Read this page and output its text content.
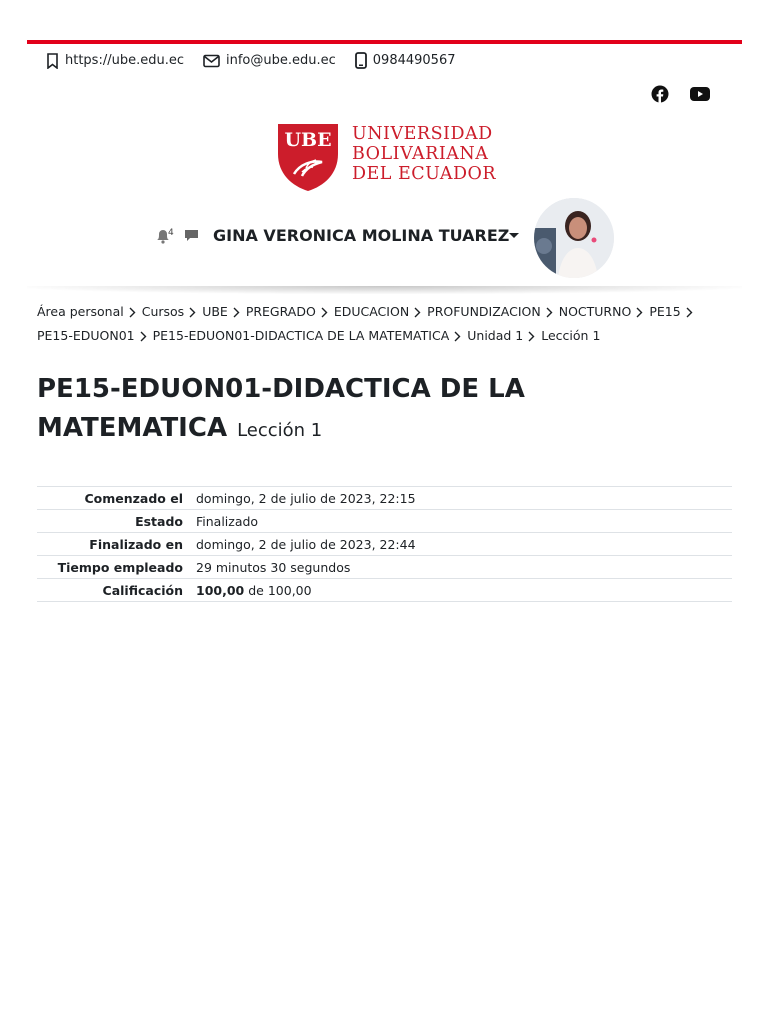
https://ube.edu.ec	info@ube.edu.ec	0984490567
UBE UNIVERSIDAD
BOLIVARIANA
DEL ECUADOR
4 GINA VERONICA MOLINA TUAREZ
Área personal Cursos UBE PREGRADO EDUCACION PROFUNDIZACION NOCTURNO PE15PE15-EDUON01 PE15-EDUON01-DIDACTICA DE LA MATEMATICA Unidad 1 Lección 1
PE15-EDUON01-DIDACTICA DE LA MATEMATICA Lección 1
Comenzado el	domingo, 2 de julio de 2023, 22:15
Estado	Finalizado
Finalizado en	domingo, 2 de julio de 2023, 22:44
Tiempo empleado	29 minutos 30 segundos
Calificación	100,00 de 100,00
